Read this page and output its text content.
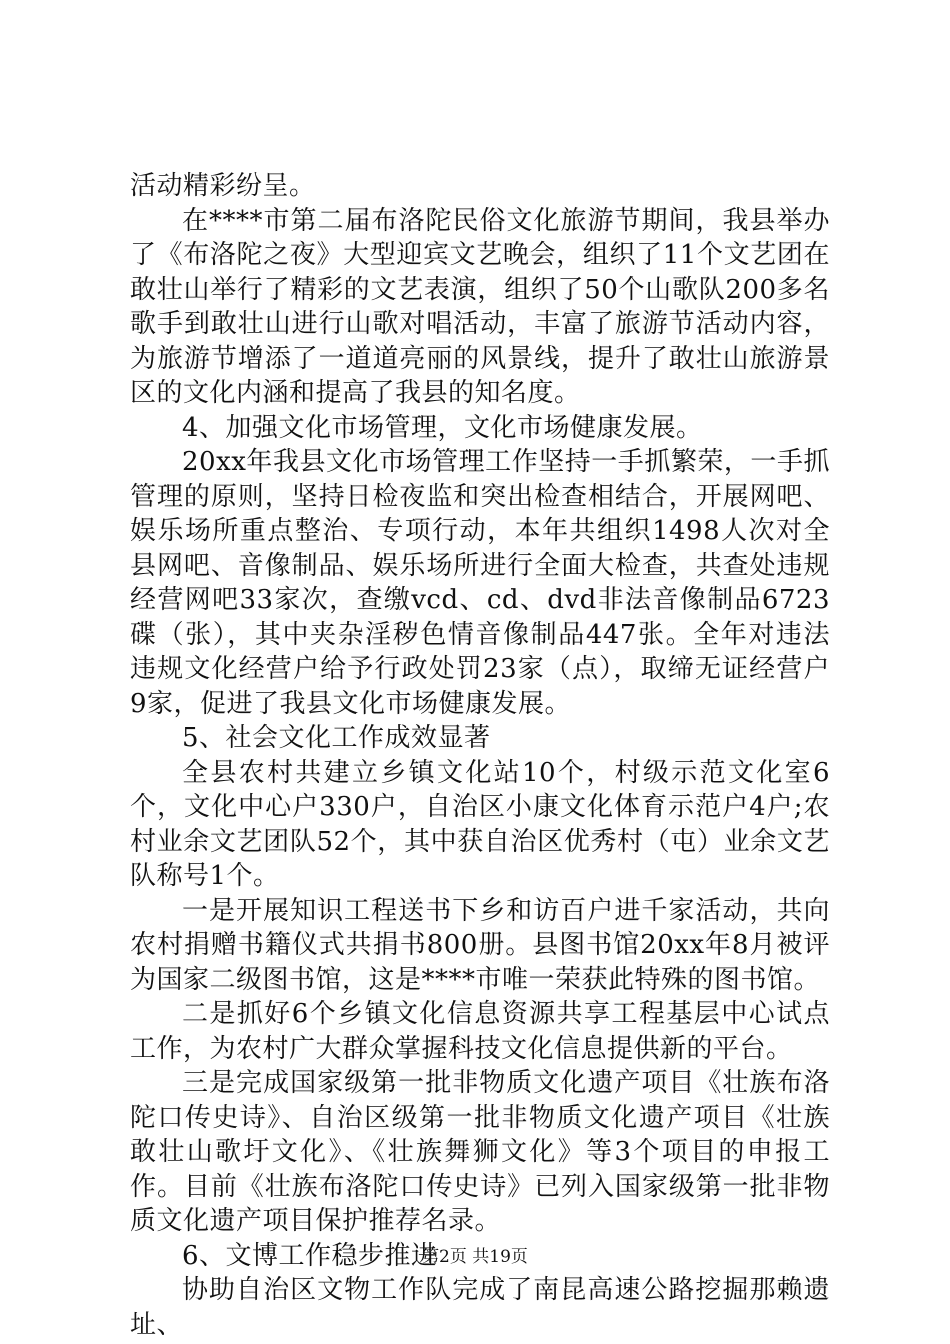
活动精彩纷呈。

在****市第二届布洛陀民俗文化旅游节期间，我县举办了《布洛陀之夜》大型迎宾文艺晚会，组织了11个文艺团在敢壮山举行了精彩的文艺表演，组织了50个山歌队200多名歌手到敢壮山进行山歌对唱活动，丰富了旅游节活动内容，为旅游节增添了一道道亮丽的风景线，提升了敢壮山旅游景区的文化内涵和提高了我县的知名度。

4、加强文化市场管理，文化市场健康发展。

20xx年我县文化市场管理工作坚持一手抓繁荣，一手抓管理的原则，坚持日检夜监和突出检查相结合，开展网吧、娱乐场所重点整治、专项行动，本年共组织1498人次对全县网吧、音像制品、娱乐场所进行全面大检查，共查处违规经营网吧33家次，查缴vcd、cd、dvd非法音像制品6723碟（张），其中夹杂淫秽色情音像制品447张。全年对违法违规文化经营户给予行政处罚23家（点），取缔无证经营户9家，促进了我县文化市场健康发展。

5、社会文化工作成效显著

全县农村共建立乡镇文化站10个，村级示范文化室6个，文化中心户330户，自治区小康文化体育示范户4户;农村业余文艺团队52个，其中获自治区优秀村（屯）业余文艺队称号1个。

一是开展知识工程送书下乡和访百户进千家活动，共向农村捐赠书籍仪式共捐书800册。县图书馆20xx年8月被评为国家二级图书馆，这是****市唯一荣获此特殊的图书馆。

二是抓好6个乡镇文化信息资源共享工程基层中心试点工作，为农村广大群众掌握科技文化信息提供新的平台。

三是完成国家级第一批非物质文化遗产项目《壮族布洛陀口传史诗》、自治区级第一批非物质文化遗产项目《壮族敢壮山歌圩文化》、《壮族舞狮文化》等3个项目的申报工作。目前《壮族布洛陀口传史诗》已列入国家级第一批非物质文化遗产项目保护推荐名录。

6、文博工作稳步推进

协助自治区文物工作队完成了南昆高速公路挖掘那赖遗址、

第2页 共19页
